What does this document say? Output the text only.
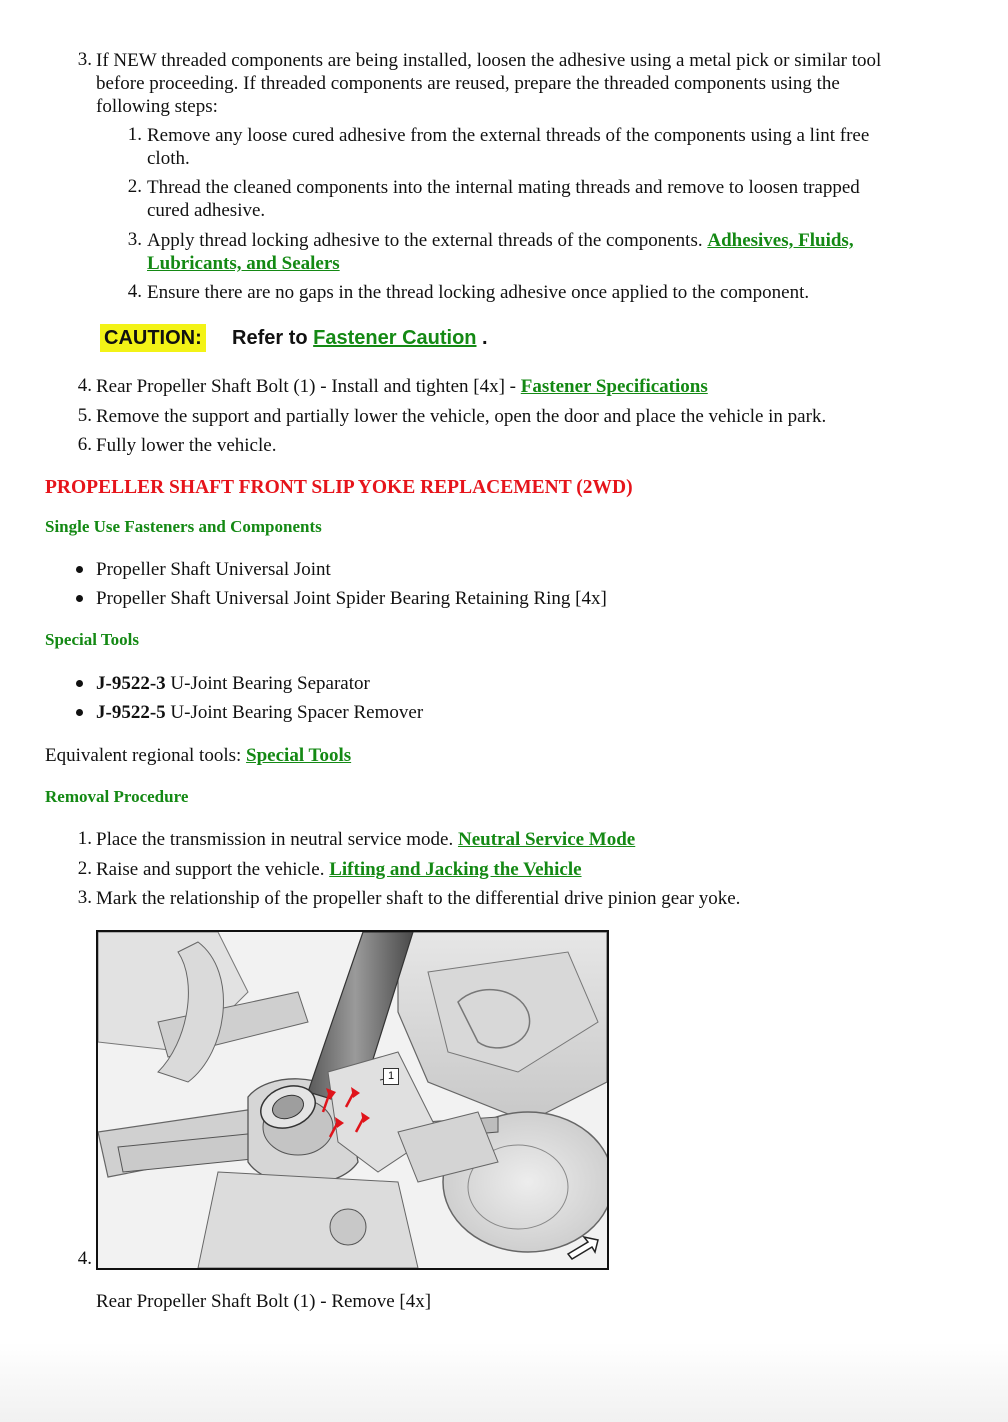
3. If NEW threaded components are being installed, loosen the adhesive using a metal pick or similar tool
before proceeding. If threaded components are reused, prepare the threaded components using the
following steps:
1. Remove any loose cured adhesive from the external threads of the components using a lint free
cloth.
2. Thread the cleaned components into the internal mating threads and remove to loosen trapped
cured adhesive.
3. Apply thread locking adhesive to the external threads of the components. Adhesives, Fluids,
Lubricants, and Sealers
4. Ensure there are no gaps in the thread locking adhesive once applied to the component.
CAUTION: Refer to Fastener Caution .
4. Rear Propeller Shaft Bolt (1) - Install and tighten [4x] - Fastener Specifications
5. Remove the support and partially lower the vehicle, open the door and place the vehicle in park.
6. Fully lower the vehicle.
PROPELLER SHAFT FRONT SLIP YOKE REPLACEMENT (2WD)
Single Use Fasteners and Components
Propeller Shaft Universal Joint
Propeller Shaft Universal Joint Spider Bearing Retaining Ring [4x]
Special Tools
J-9522-3 U-Joint Bearing Separator
J-9522-5 U-Joint Bearing Spacer Remover
Equivalent regional tools: Special Tools
Removal Procedure
1. Place the transmission in neutral service mode. Neutral Service Mode
2. Raise and support the vehicle. Lifting and Jacking the Vehicle
3. Mark the relationship of the propeller shaft to the differential drive pinion gear yoke.
4.
1
Rear Propeller Shaft Bolt (1) - Remove [4x]
